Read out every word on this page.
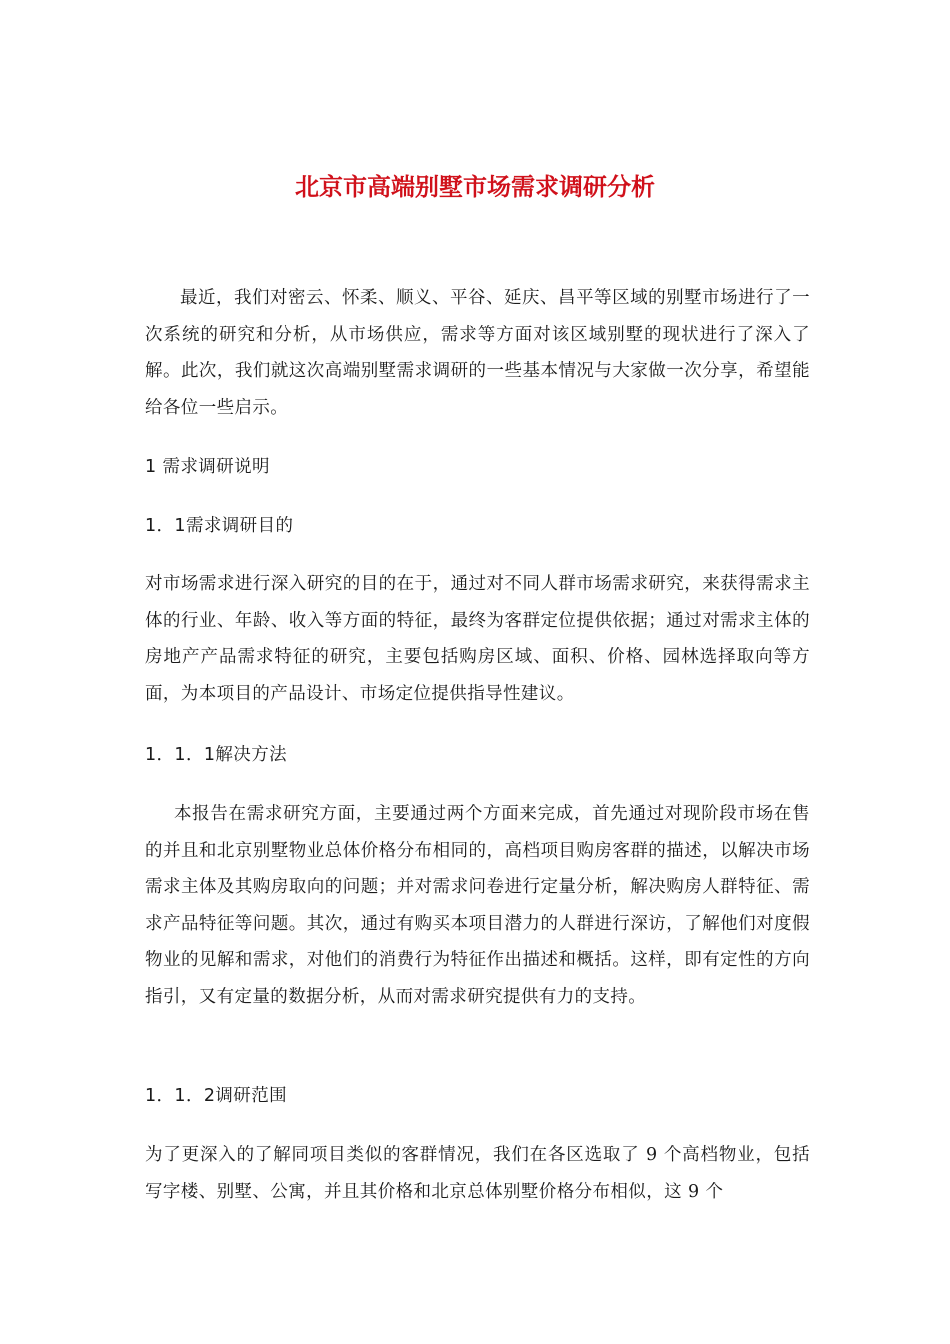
北京市高端别墅市场需求调研分析

最近，我们对密云、怀柔、顺义、平谷、延庆、昌平等区域的别墅市场进行了一次系统的研究和分析，从市场供应，需求等方面对该区域别墅的现状进行了深入了解。此次，我们就这次高端别墅需求调研的一些基本情况与大家做一次分享，希望能给各位一些启示。

1 需求调研说明
1．1需求调研目的

对市场需求进行深入研究的目的在于，通过对不同人群市场需求研究，来获得需求主体的行业、年龄、收入等方面的特征，最终为客群定位提供依据；通过对需求主体的房地产产品需求特征的研究，主要包括购房区域、面积、价格、园林选择取向等方面，为本项目的产品设计、市场定位提供指导性建议。

1．1．1解决方法

本报告在需求研究方面，主要通过两个方面来完成，首先通过对现阶段市场在售的并且和北京别墅物业总体价格分布相同的，高档项目购房客群的描述，以解决市场需求主体及其购房取向的问题；并对需求问卷进行定量分析，解决购房人群特征、需求产品特征等问题。其次，通过有购买本项目潜力的人群进行深访，了解他们对度假物业的见解和需求，对他们的消费行为特征作出描述和概括。这样，即有定性的方向指引，又有定量的数据分析，从而对需求研究提供有力的支持。

1．1．2调研范围

为了更深入的了解同项目类似的客群情况，我们在各区选取了 9 个高档物业，包括写字楼、别墅、公寓，并且其价格和北京总体别墅价格分布相似，这 9 个
